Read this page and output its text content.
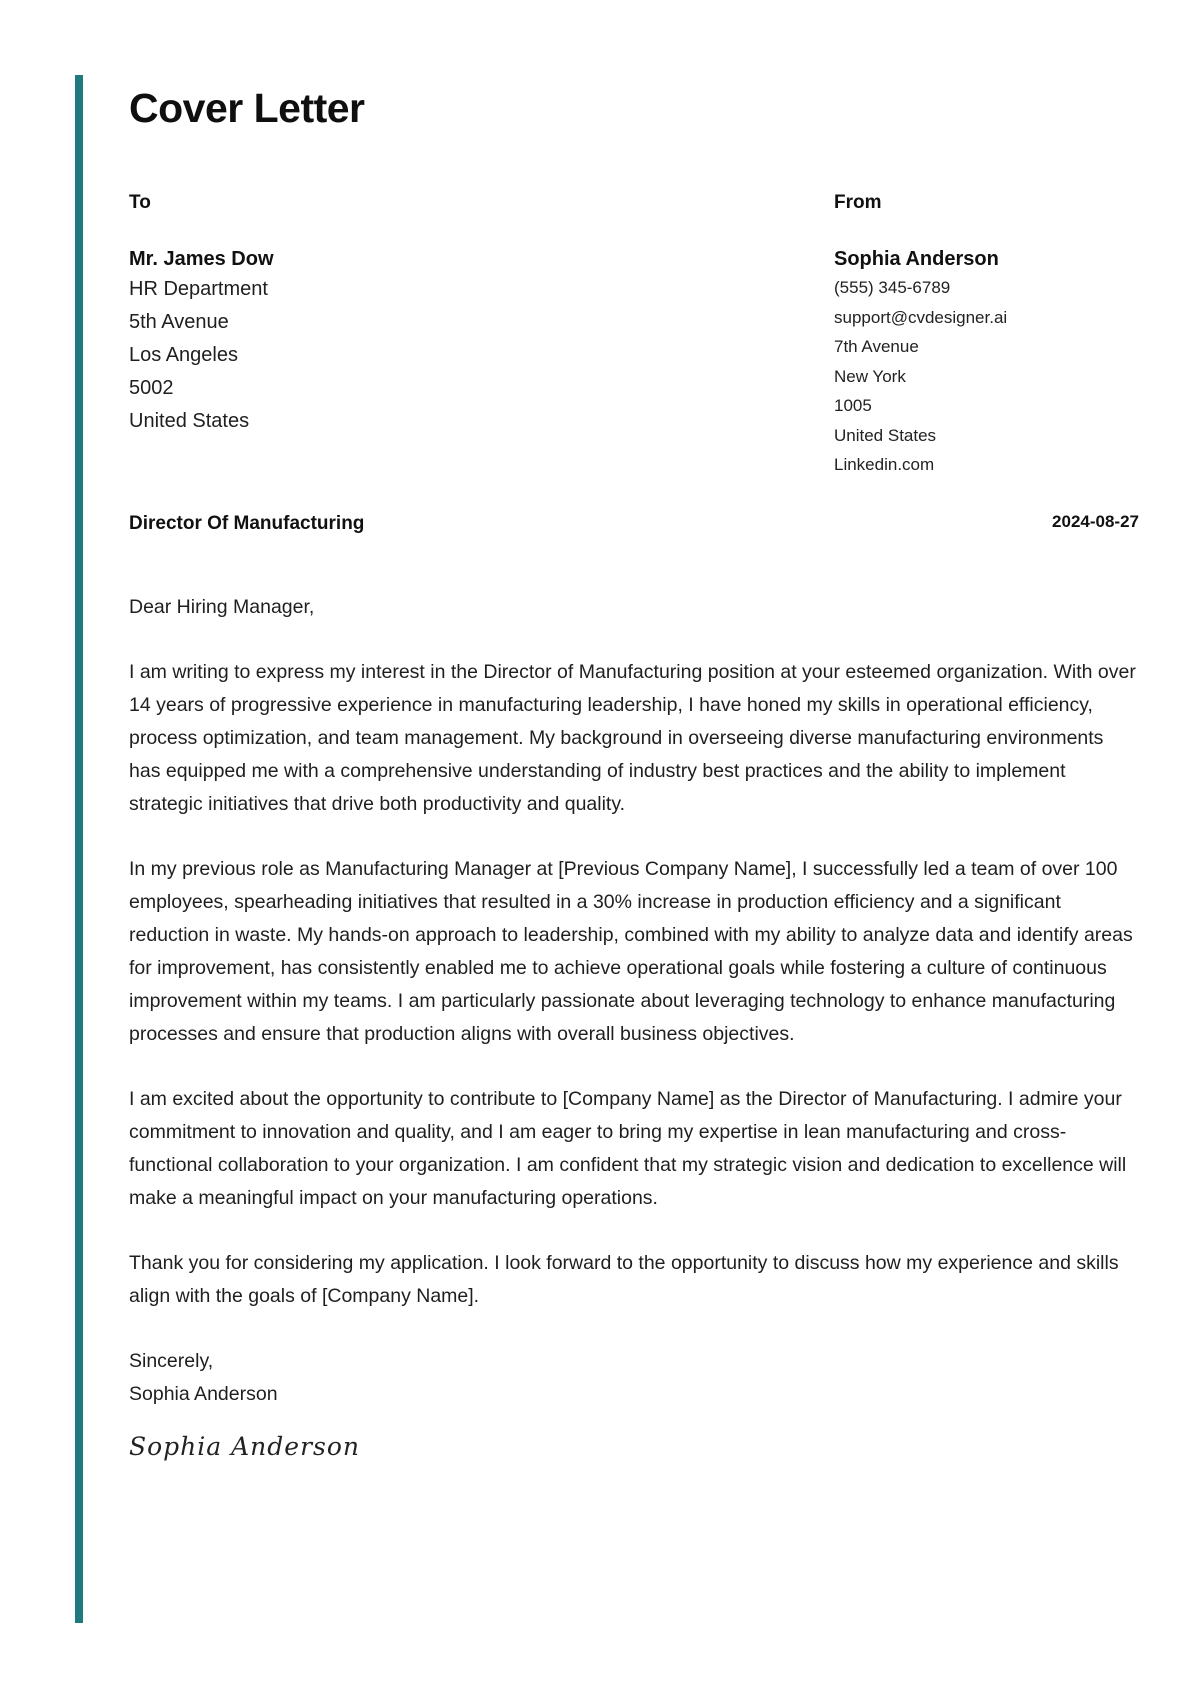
Cover Letter
To
Mr. James Dow
HR Department
5th Avenue
Los Angeles
5002
United States
From
Sophia Anderson
(555) 345-6789
support@cvdesigner.ai
7th Avenue
New York
1005
United States
Linkedin.com
Director Of Manufacturing	2024-08-27

Dear Hiring Manager,

I am writing to express my interest in the Director of Manufacturing position at your esteemed organization. With over 14 years of progressive experience in manufacturing leadership, I have honed my skills in operational efficiency, process optimization, and team management. My background in overseeing diverse manufacturing environments has equipped me with a comprehensive understanding of industry best practices and the ability to implement strategic initiatives that drive both productivity and quality.

In my previous role as Manufacturing Manager at [Previous Company Name], I successfully led a team of over 100 employees, spearheading initiatives that resulted in a 30% increase in production efficiency and a significant reduction in waste. My hands-on approach to leadership, combined with my ability to analyze data and identify areas for improvement, has consistently enabled me to achieve operational goals while fostering a culture of continuous improvement within my teams. I am particularly passionate about leveraging technology to enhance manufacturing processes and ensure that production aligns with overall business objectives.

I am excited about the opportunity to contribute to [Company Name] as the Director of Manufacturing. I admire your commitment to innovation and quality, and I am eager to bring my expertise in lean manufacturing and cross-functional collaboration to your organization. I am confident that my strategic vision and dedication to excellence will make a meaningful impact on your manufacturing operations.

Thank you for considering my application. I look forward to the opportunity to discuss how my experience and skills align with the goals of [Company Name].

Sincerely,
Sophia Anderson
Sophia Anderson
